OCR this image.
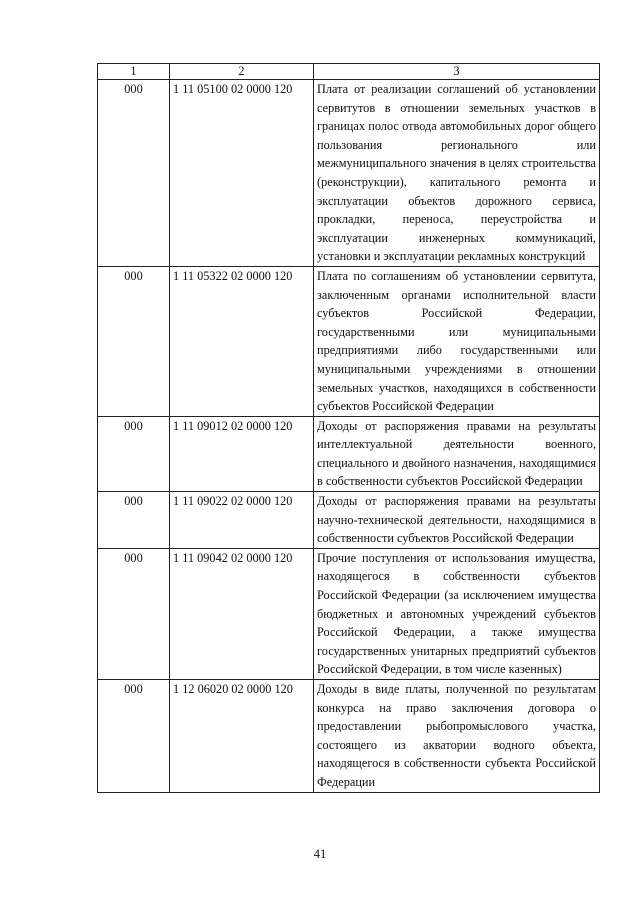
1	2	3
000	1 11 05100 02 0000 120	Плата от реализации соглашений об установлении сервитутов в отношении земельных участков в границах полос отвода автомобильных дорог общего пользования регионального или межмуниципального значения в целях строительства (реконструкции), капитального ремонта и эксплуатации объектов дорожного сервиса, прокладки, переноса, переустройства и эксплуатации инженерных коммуникаций, установки и эксплуатации рекламных конструкций
000	1 11 05322 02 0000 120	Плата по соглашениям об установлении сервитута, заключенным органами исполнительной власти субъектов Российской Федерации, государственными или муниципальными предприятиями либо государственными или муниципальными учреждениями в отношении земельных участков, находящихся в собственности субъектов Российской Федерации
000	1 11 09012 02 0000 120	Доходы от распоряжения правами на результаты интеллектуальной деятельности военного, специального и двойного назначения, находящимися в собственности субъектов Российской Федерации
000	1 11 09022 02 0000 120	Доходы от распоряжения правами на результаты научно-технической деятельности, находящимися в собственности субъектов Российской Федерации
000	1 11 09042 02 0000 120	Прочие поступления от использования имущества, находящегося в собственности субъектов Российской Федерации (за исключением имущества бюджетных и автономных учреждений субъектов Российской Федерации, а также имущества государственных унитарных предприятий субъектов Российской Федерации, в том числе казенных)
000	1 12 06020 02 0000 120	Доходы в виде платы, полученной по результатам конкурса на право заключения договора о предоставлении рыбопромыслового участка, состоящего из акватории водного объекта, находящегося в собственности субъекта Российской Федерации
41
